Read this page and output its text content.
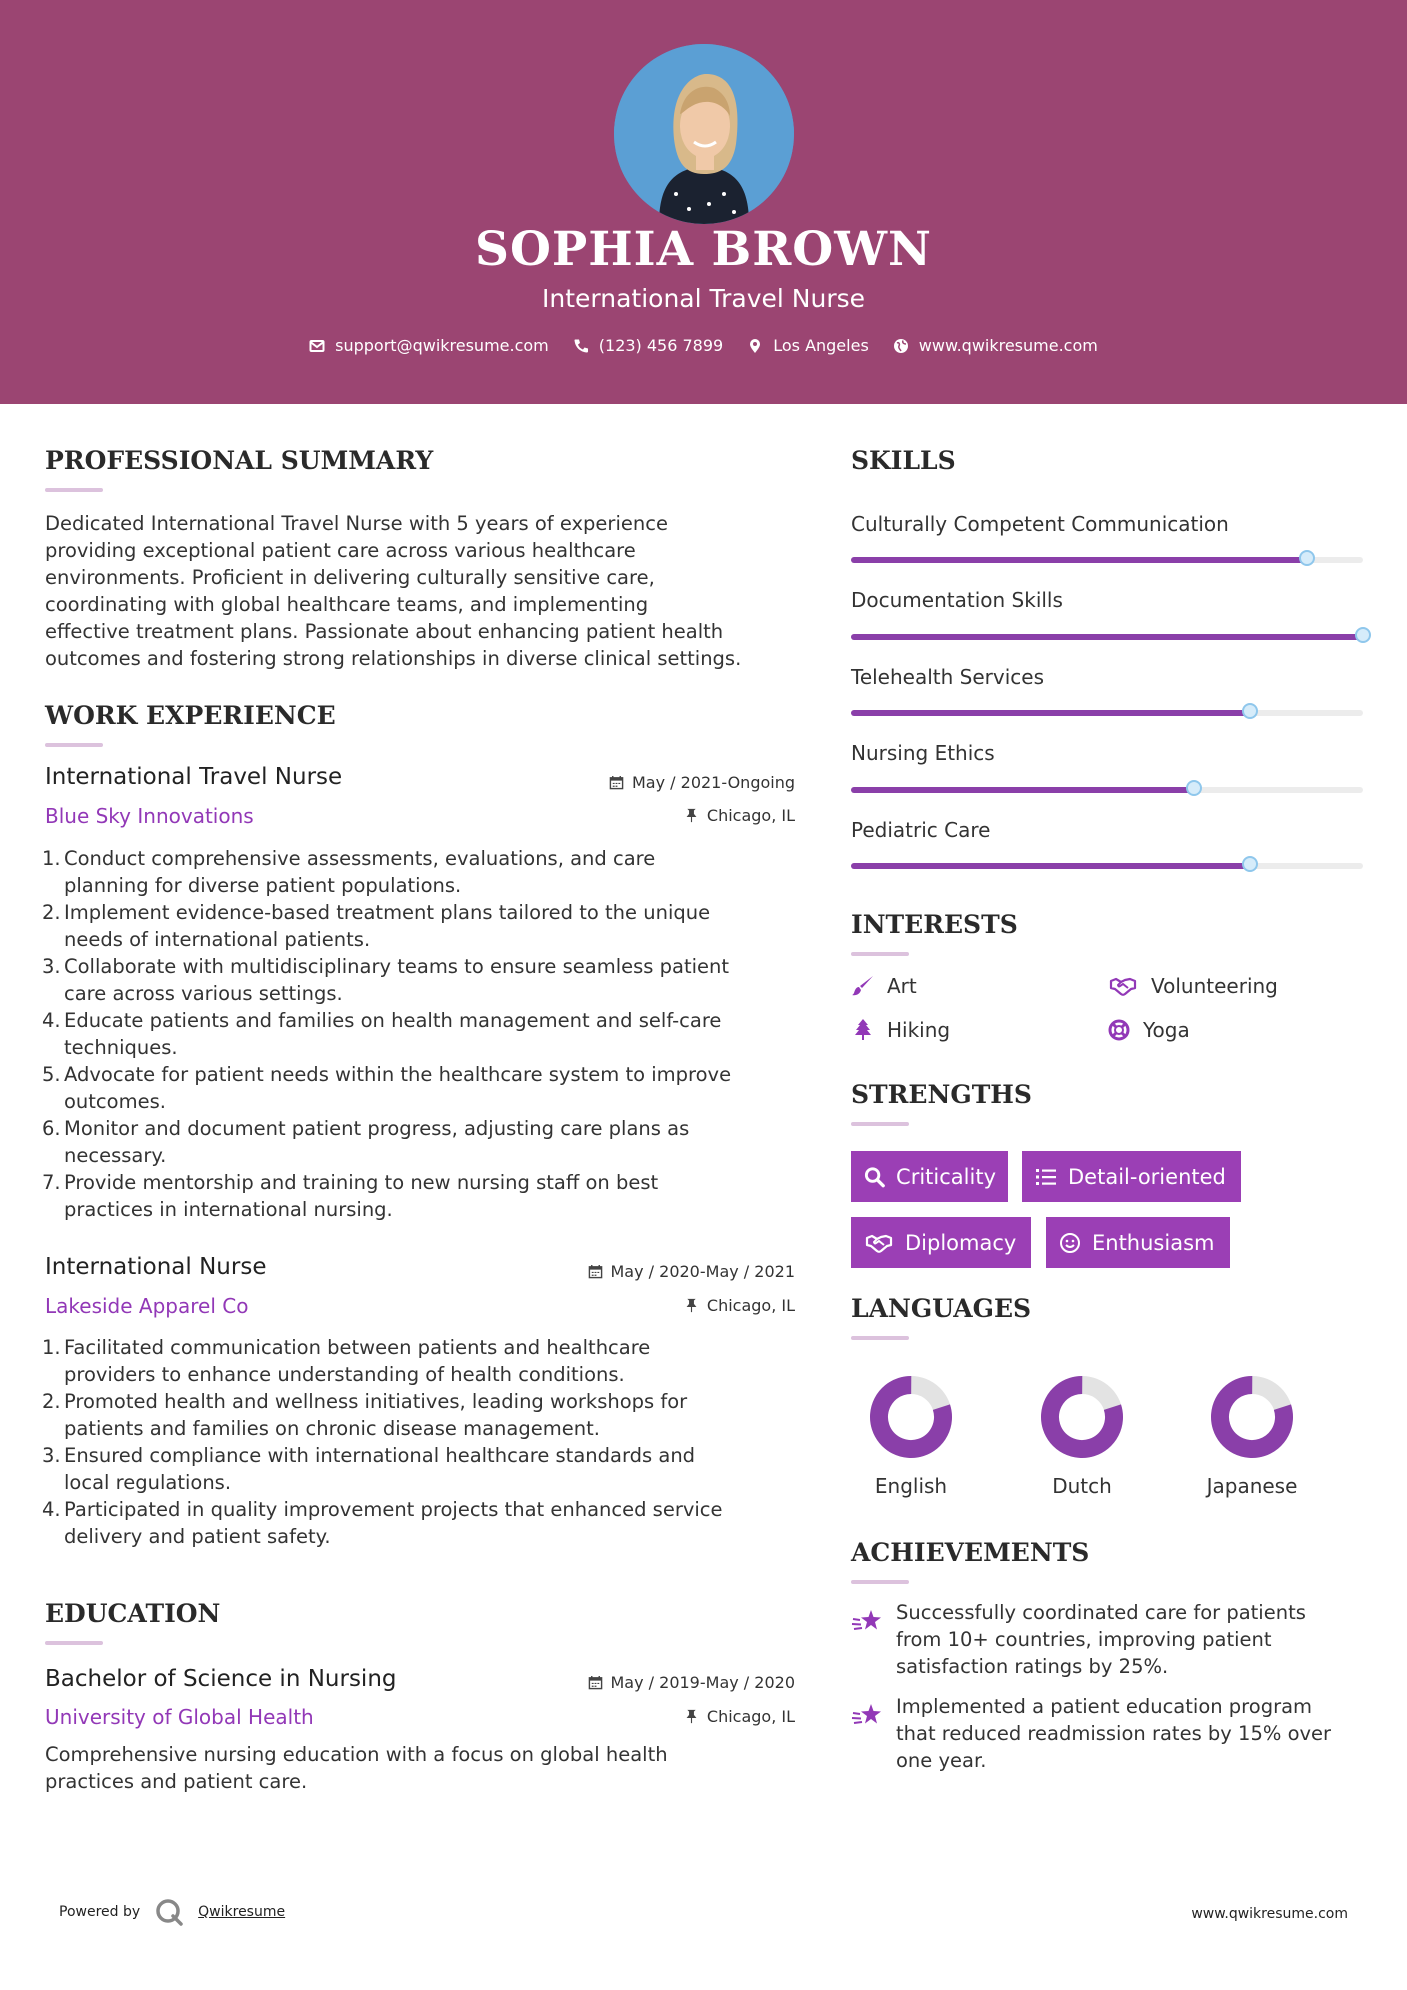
SOPHIA BROWN
International Travel Nurse
support@qwikresume.com	(123) 456 7899	Los Angeles	www.qwikresume.com
PROFESSIONAL SUMMARY
Dedicated International Travel Nurse with 5 years of experience
providing exceptional patient care across various healthcare
environments. Proficient in delivering culturally sensitive care,
coordinating with global healthcare teams, and implementing
effective treatment plans. Passionate about enhancing patient health
outcomes and fostering strong relationships in diverse clinical settings.
WORK EXPERIENCE
International Travel Nurse	May / 2021-Ongoing
Blue Sky Innovations	Chicago, IL
1. Conduct comprehensive assessments, evaluations, and care
planning for diverse patient populations.
2. Implement evidence-based treatment plans tailored to the unique
needs of international patients.
3. Collaborate with multidisciplinary teams to ensure seamless patient
care across various settings.
4. Educate patients and families on health management and self-care
techniques.
5. Advocate for patient needs within the healthcare system to improve
outcomes.
6. Monitor and document patient progress, adjusting care plans as
necessary.
7. Provide mentorship and training to new nursing staff on best
practices in international nursing.
International Nurse	May / 2020-May / 2021
Lakeside Apparel Co	Chicago, IL
1. Facilitated communication between patients and healthcare
providers to enhance understanding of health conditions.
2. Promoted health and wellness initiatives, leading workshops for
patients and families on chronic disease management.
3. Ensured compliance with international healthcare standards and
local regulations.
4. Participated in quality improvement projects that enhanced service
delivery and patient safety.
EDUCATION
Bachelor of Science in Nursing	May / 2019-May / 2020
University of Global Health	Chicago, IL
Comprehensive nursing education with a focus on global health
practices and patient care.
SKILLS
Culturally Competent Communication
Documentation Skills
Telehealth Services
Nursing Ethics
Pediatric Care
INTERESTS
Art	Volunteering
Hiking	Yoga
STRENGTHS
Criticality	Detail-oriented
Diplomacy	Enthusiasm
LANGUAGES
English	Dutch	Japanese
ACHIEVEMENTS
Successfully coordinated care for patients
from 10+ countries, improving patient
satisfaction ratings by 25%.
Implemented a patient education program
that reduced readmission rates by 15% over
one year.
Powered by	Qwikresume	www.qwikresume.com
